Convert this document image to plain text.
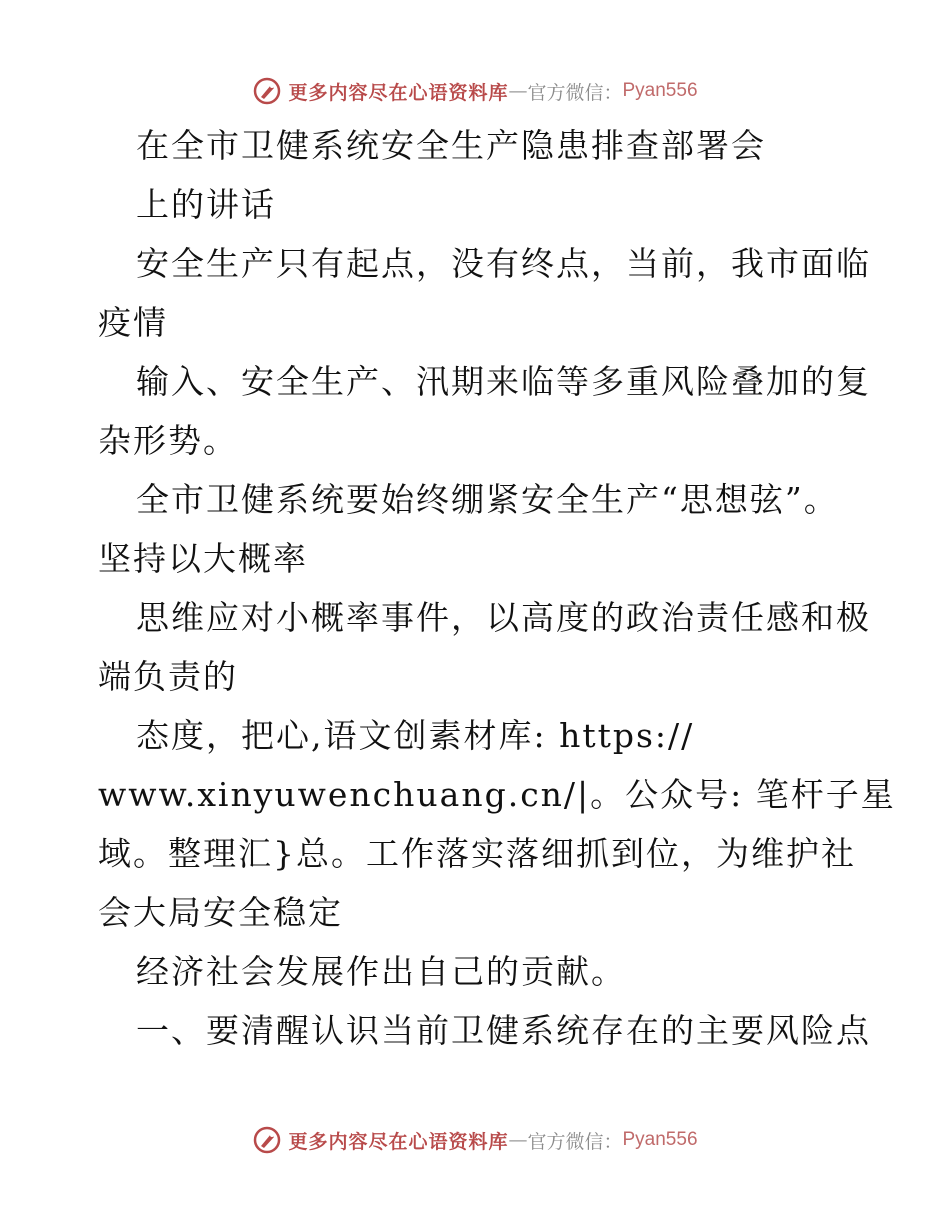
更多内容尽在心语资料库 — 官方微信： Pyan556
在全市卫健系统安全生产隐患排查部署会
上的讲话
安全生产只有起点，没有终点，当前，我市面临
疫情
输入、安全生产、汛期来临等多重风险叠加的复
杂形势。
全市卫健系统要始终绷紧安全生产“思想弦”。
坚持以大概率
思维应对小概率事件，以高度的政治责任感和极
端负责的
态度，把心,语文创素材库: https://
www.xinyuwenchuang.cn/|。公众号: 笔杆子星
域。整理汇}总。工作落实落细抓到位，为维护社
会大局安全稳定
经济社会发展作出自己的贡献。
一、要清醒认识当前卫健系统存在的主要风险点
更多内容尽在心语资料库 — 官方微信： Pyan556
